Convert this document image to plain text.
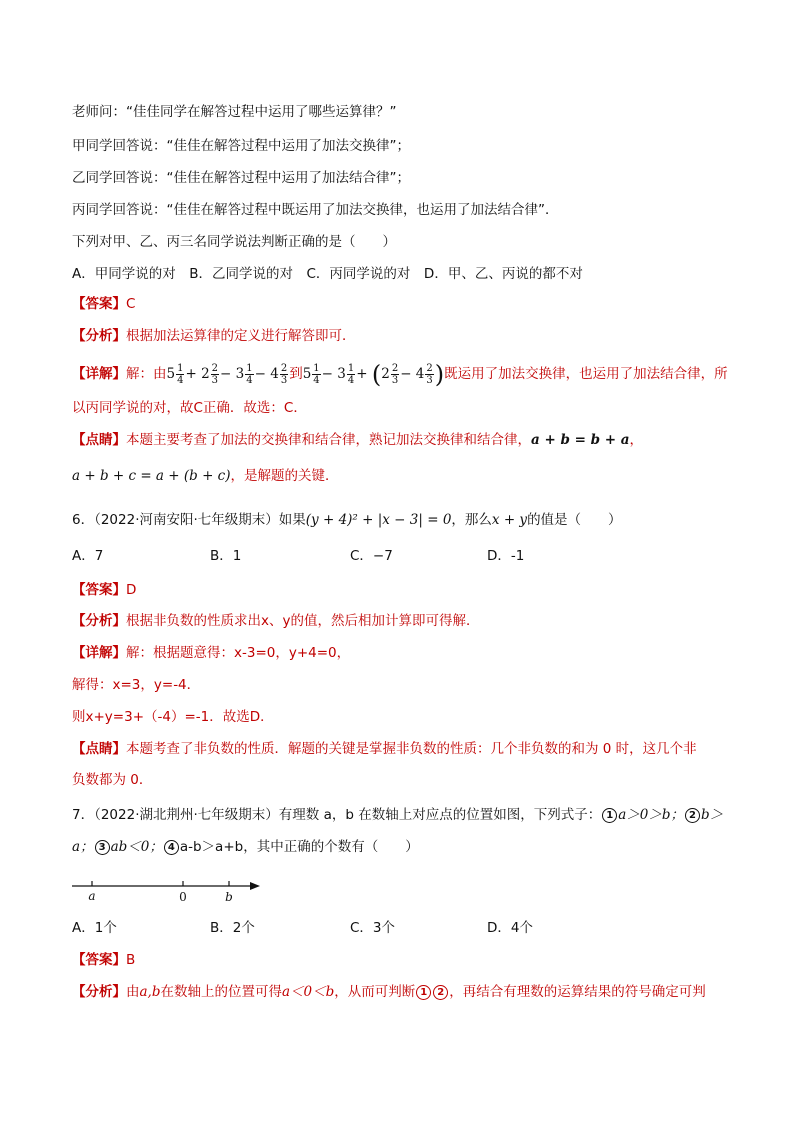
老师问：“佳佳同学在解答过程中运用了哪些运算律？”
甲同学回答说：“佳佳在解答过程中运用了加法交换律”；
乙同学回答说：“佳佳在解答过程中运用了加法结合律”；
丙同学回答说：“佳佳在解答过程中既运用了加法交换律，也运用了加法结合律”．
下列对甲、乙、丙三名同学说法判断正确的是（　　）
A．甲同学说的对　B．乙同学说的对　C．丙同学说的对　D．甲、乙、丙说的都不对
【答案】C
【分析】根据加法运算律的定义进行解答即可．
【详解】解：由$5 \frac{1}{4} + 2 \frac{2}{3} - 3 \frac{1}{4} - 4 \frac{2}{3}$ 到$5 \frac{1}{4} - 3 \frac{1}{4} + (2 \frac{2}{3} - 4 \frac{2}{3}$ )既运用了加法交换律，也运用了加法结合律，所
以丙同学说的对，故C正确．故选：C．
【点睛】本题主要考查了加法的交换律和结合律，熟记加法交换律和结合律，a + b = b + a，
a + b + c = a + (b + c)，是解题的关键．
6．（2022·河南安阳·七年级期末）如果(y + 4)² + |x − 3| = 0，那么x + y的值是（　　）
A．7	B．1	C．−7	D．-1
【答案】D
【分析】根据非负数的性质求出x、y的值，然后相加计算即可得解．
【详解】解：根据题意得：x-3=0，y+4=0，
解得：x=3，y=-4．
则x+y=3+（-4）=-1．故选D．
【点睛】本题考查了非负数的性质．解题的关键是掌握非负数的性质：几个非负数的和为 0 时，这几个非
负数都为 0．
7．（2022·湖北荆州·七年级期末）有理数 a，b 在数轴上对应点的位置如图，下列式子： 1 a＞0＞b； 2 b＞
a； 3 ab＜0； 4 a-b＞a+b，其中正确的个数有（　　）
a	0	b
A．1个	B．2个	C．3个	D．4个
【答案】B
【分析】由a,b在数轴上的位置可得a＜0＜b，从而可判断 1 2 ，再结合有理数的运算结果的符号确定可判
